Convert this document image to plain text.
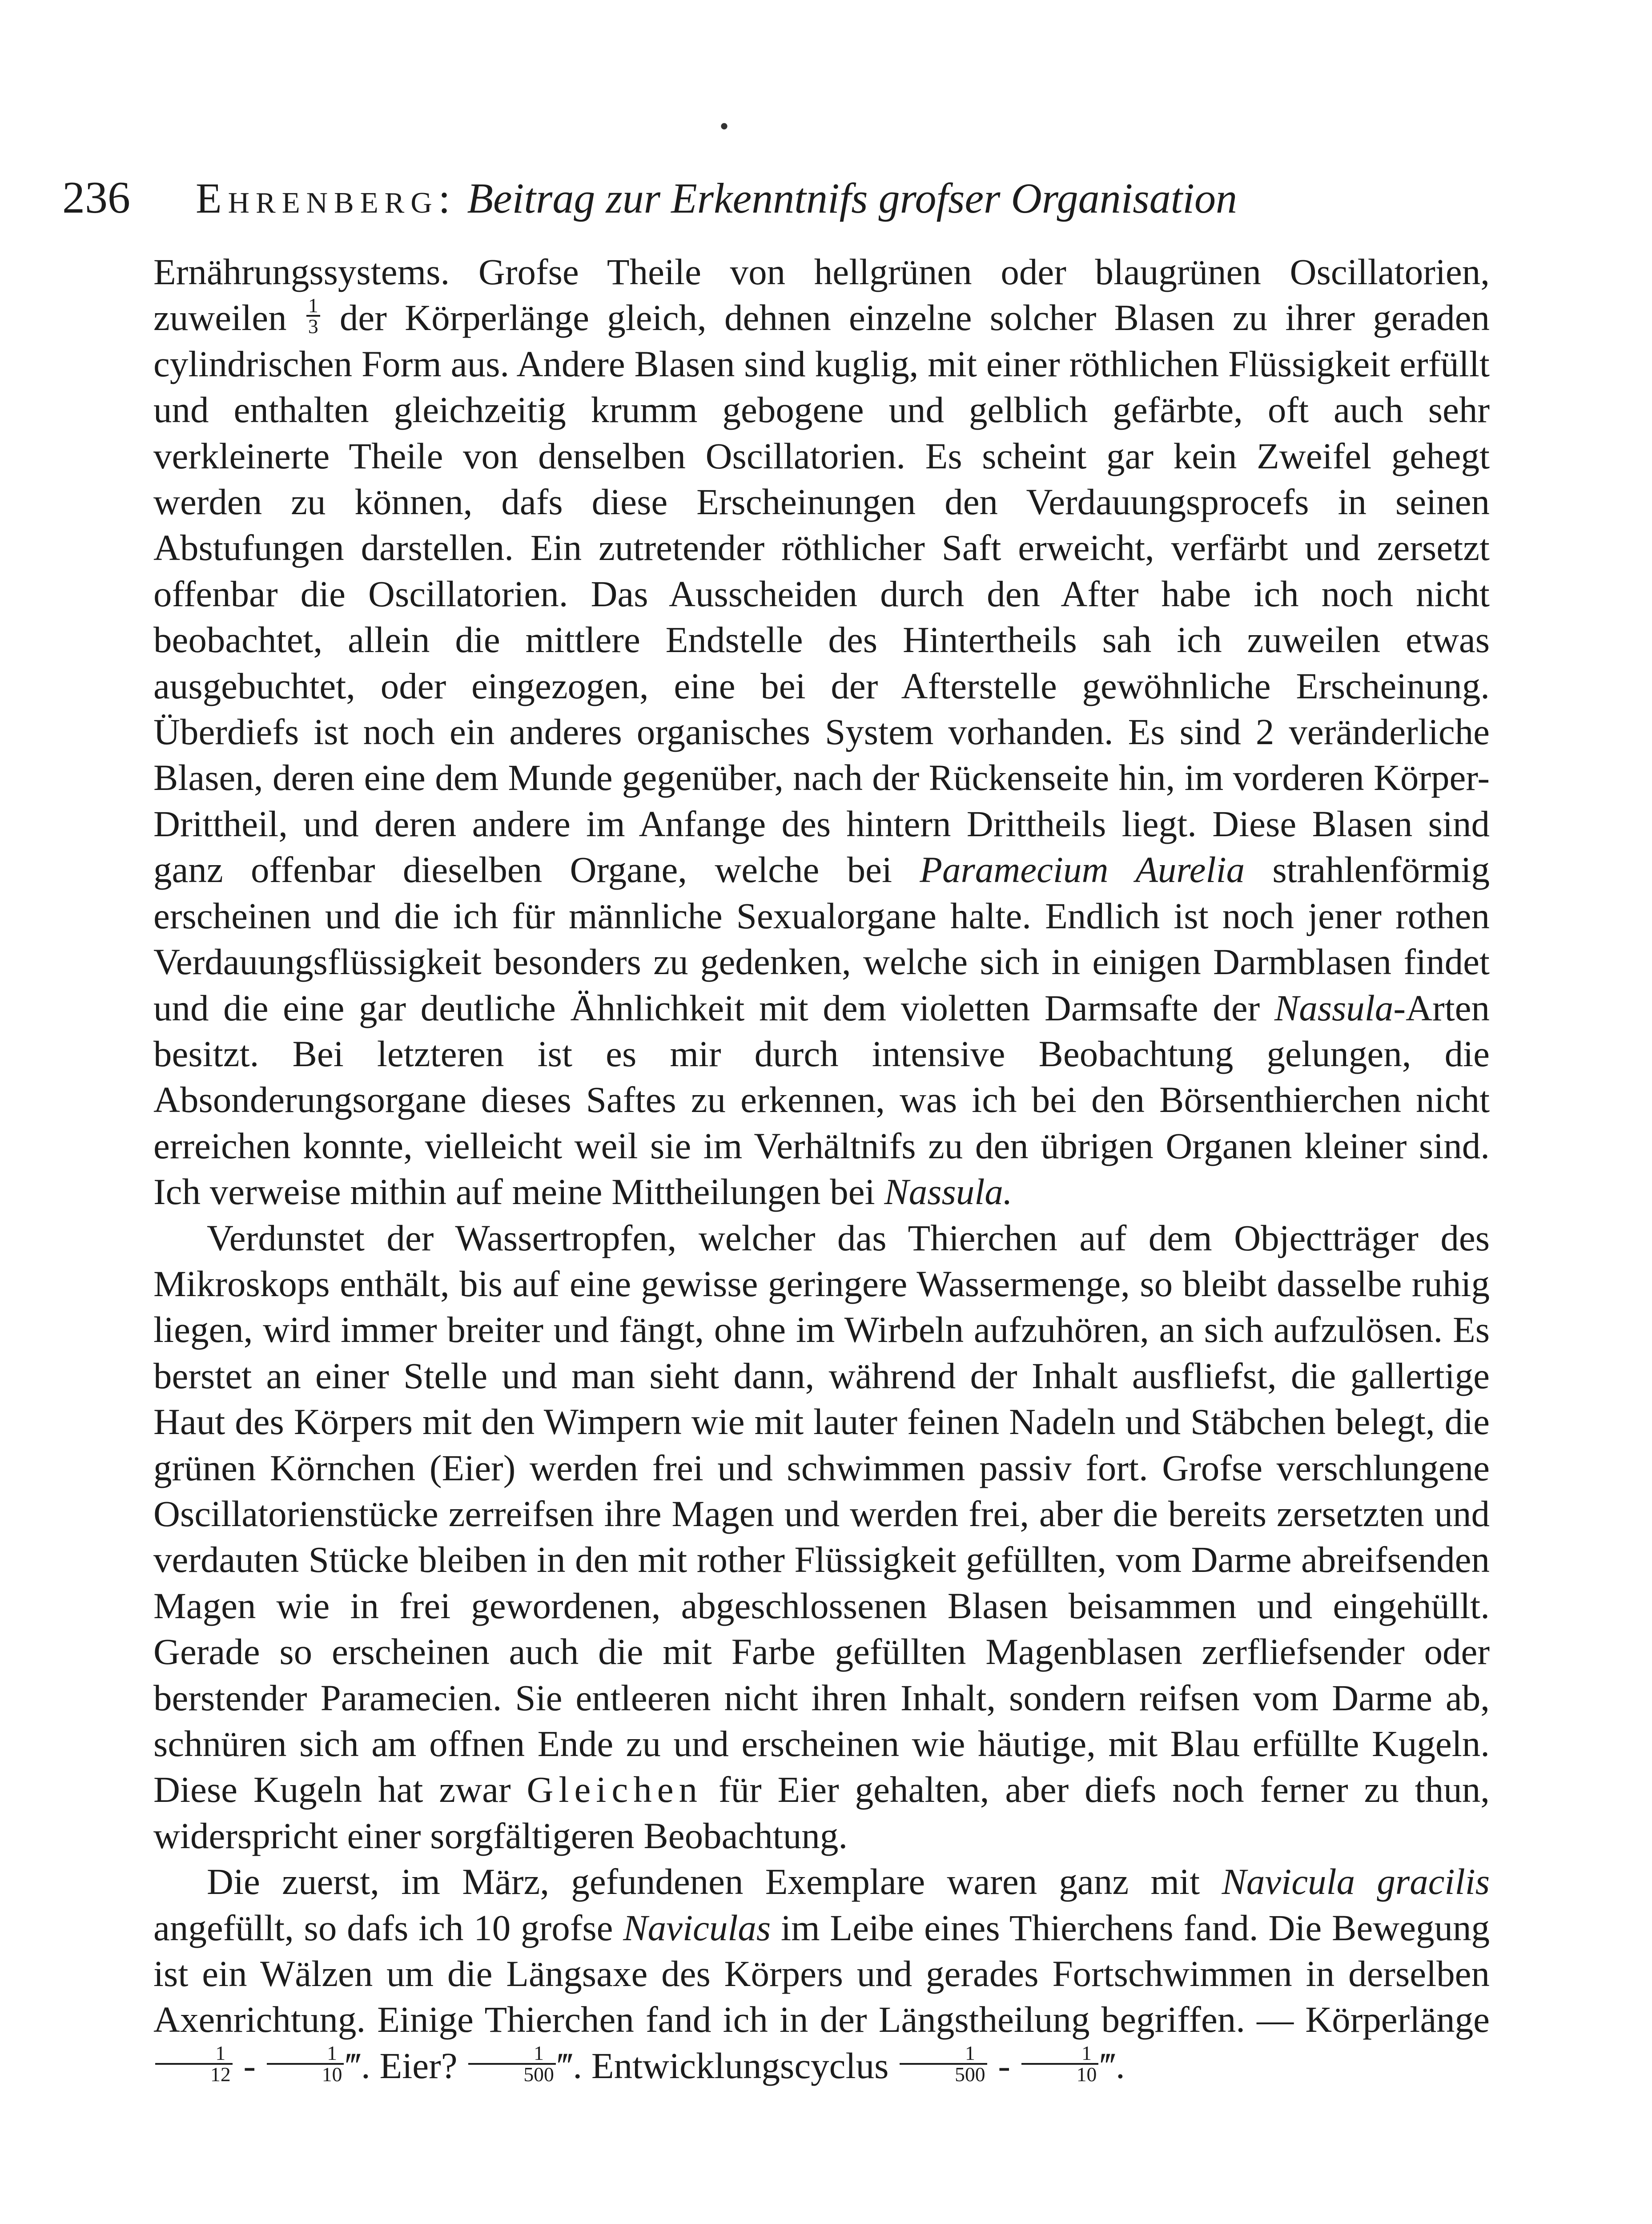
•
236 Ehrenberg: Beitrag zur Erkenntnifs grofser Organisation

Ernährungssystems. Grofse Theile von hellgrünen oder blaugrünen Oscillatorien, zuweilen $\frac{1}{3}$ der Körperlänge gleich, dehnen einzelne solcher Blasen zu ihrer geraden cylindrischen Form aus. Andere Blasen sind kuglig, mit einer röthlichen Flüssigkeit erfüllt und enthalten gleichzeitig krumm gebogene und gelblich gefärbte, oft auch sehr verkleinerte Theile von denselben Oscillatorien. Es scheint gar kein Zweifel gehegt werden zu können, dafs diese Erscheinungen den Verdauungsprocefs in seinen Abstufungen darstellen. Ein zutretender röthlicher Saft erweicht, verfärbt und zersetzt offenbar die Oscillatorien. Das Ausscheiden durch den After habe ich noch nicht beobachtet, allein die mittlere Endstelle des Hintertheils sah ich zuweilen etwas ausgebuchtet, oder eingezogen, eine bei der Afterstelle gewöhnliche Erscheinung. Überdiefs ist noch ein anderes organisches System vorhanden. Es sind 2 veränderliche Blasen, deren eine dem Munde gegenüber, nach der Rückenseite hin, im vorderen Körper-Drittheil, und deren andere im Anfange des hintern Drittheils liegt. Diese Blasen sind ganz offenbar dieselben Organe, welche bei Paramecium Aurelia strahlenförmig erscheinen und die ich für männliche Sexualorgane halte. Endlich ist noch jener rothen Verdauungsflüssigkeit besonders zu gedenken, welche sich in einigen Darmblasen findet und die eine gar deutliche Ähnlichkeit mit dem violetten Darmsafte der Nassula-Arten besitzt. Bei letzteren ist es mir durch intensive Beobachtung gelungen, die Absonderungsorgane dieses Saftes zu erkennen, was ich bei den Börsenthierchen nicht erreichen konnte, vielleicht weil sie im Verhältnifs zu den übrigen Organen kleiner sind. Ich verweise mithin auf meine Mittheilungen bei Nassula.

Verdunstet der Wassertropfen, welcher das Thierchen auf dem Objectträger des Mikroskops enthält, bis auf eine gewisse geringere Wassermenge, so bleibt dasselbe ruhig liegen, wird immer breiter und fängt, ohne im Wirbeln aufzuhören, an sich aufzulösen. Es berstet an einer Stelle und man sieht dann, während der Inhalt ausfliefst, die gallertige Haut des Körpers mit den Wimpern wie mit lauter feinen Nadeln und Stäbchen belegt, die grünen Körnchen (Eier) werden frei und schwimmen passiv fort. Grofse verschlungene Oscillatorienstücke zerreifsen ihre Magen und werden frei, aber die bereits zersetzten und verdauten Stücke bleiben in den mit rother Flüssigkeit gefüllten, vom Darme abreifsenden Magen wie in frei gewordenen, abgeschlossenen Blasen beisammen und eingehüllt. Gerade so erscheinen auch die mit Farbe gefüllten Magenblasen zerfliefsender oder berstender Paramecien. Sie entleeren nicht ihren Inhalt, sondern reifsen vom Darme ab, schnüren sich am offnen Ende zu und erscheinen wie häutige, mit Blau erfüllte Kugeln. Diese Kugeln hat zwar Gleichen für Eier gehalten, aber diefs noch ferner zu thun, widerspricht einer sorgfältigeren Beobachtung.

Die zuerst, im März, gefundenen Exemplare waren ganz mit Navicula gracilis angefüllt, so dafs ich 10 grofse Naviculas im Leibe eines Thierchens fand. Die Bewegung ist ein Wälzen um die Längsaxe des Körpers und gerades Fortschwimmen in derselben Axenrichtung. Einige Thierchen fand ich in der Längstheilung begriffen. — Körperlänge
$\frac{1}{12} - \frac{1}{10}$ ‴. Eier? $\frac{1}{500}$ ‴. Entwicklungscyclus $\frac{1}{500} - \frac{1}{10}$ ‴.
